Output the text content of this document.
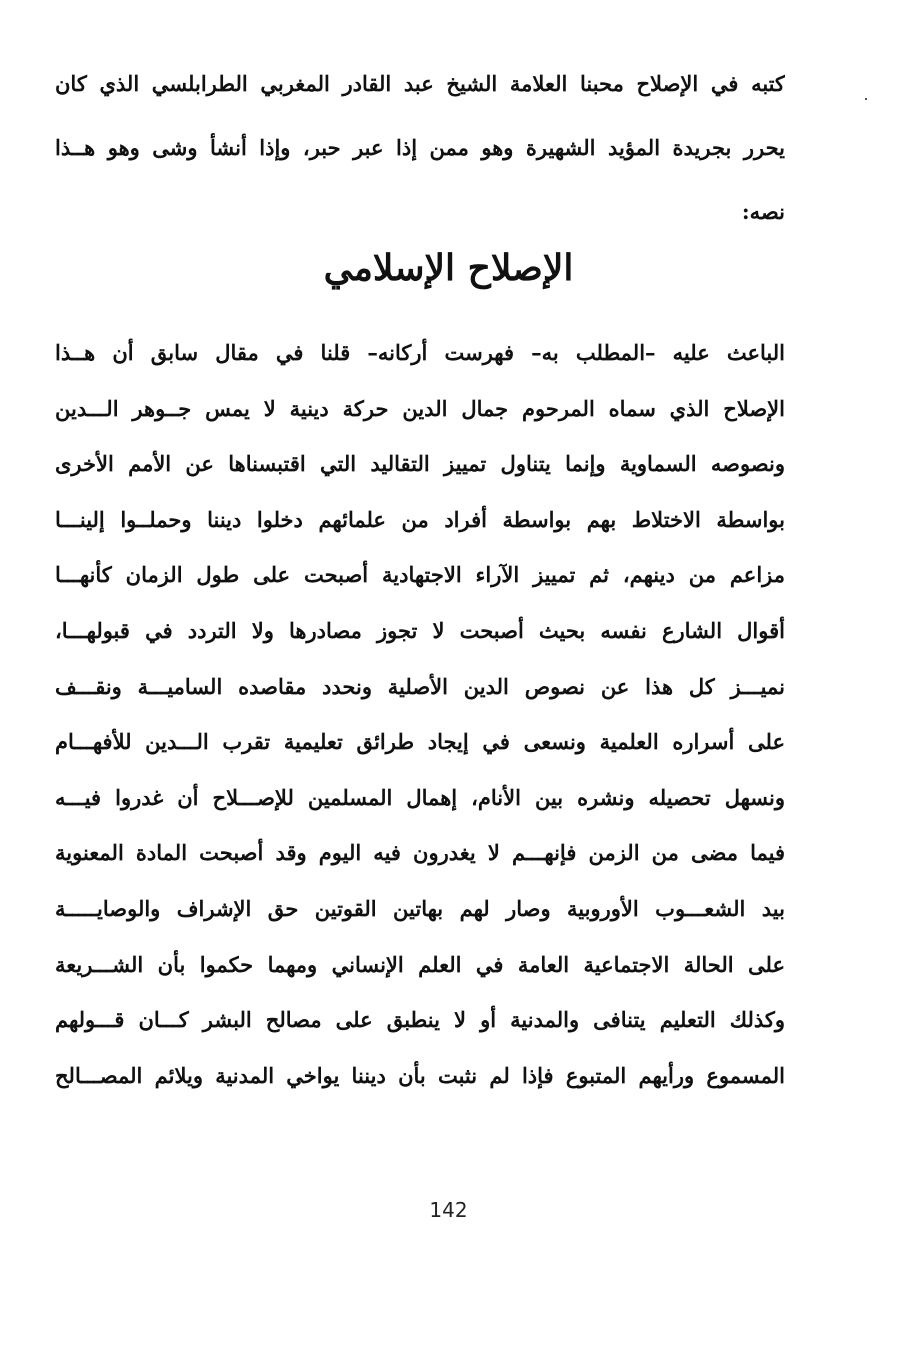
كتبه في الإصلاح محبنا العلامة الشيخ عبد القادر المغربي الطرابلسي الذي كان
يحرر بجريدة المؤيد الشهيرة وهو ممن إذا عبر حبر، وإذا أنشأ وشى وهو هــذا
نصه:
الإصلاح الإسلامي
الباعث عليه –المطلب به– فهرست أركانه– قلنا في مقال سابق أن هــذا
الإصلاح الذي سماه المرحوم جمال الدين حركة دينية لا يمس جــوهر الـــدين
ونصوصه السماوية وإنما يتناول تمييز التقاليد التي اقتبسناها عن الأمم الأخرى
بواسطة الاختلاط بهم بواسطة أفراد من علمائهم دخلوا ديننا وحملــوا إلينـــا
مزاعم من دينهم، ثم تمييز الآراء الاجتهادية أصبحت على طول الزمان كأنهـــا
أقوال الشارع نفسه بحيث أصبحت لا تجوز مصادرها ولا التردد في قبولهـــا،
نميـــز كل هذا عن نصوص الدين الأصلية ونحدد مقاصده الساميـــة ونقـــف
على أسراره العلمية ونسعى في إيجاد طرائق تعليمية تقرب الـــدين للأفهـــام
ونسهل تحصيله ونشره بين الأنام، إهمال المسلمين للإصـــلاح أن غدروا فيـــه
فيما مضى من الزمن فإنهـــم لا يغدرون فيه اليوم وقد أصبحت المادة المعنوية
بيد الشعـــوب الأوروبية وصار لهم بهاتين القوتين حق الإشراف والوصايـــــة
على الحالة الاجتماعية العامة في العلم الإنساني ومهما حكموا بأن الشـــريعة
وكذلك التعليم يتنافى والمدنية أو لا ينطبق على مصالح البشر كـــان قـــولهم
المسموع ورأيهم المتبوع فإذا لم نثبت بأن ديننا يواخي المدنية ويلائم المصـــالح
142
